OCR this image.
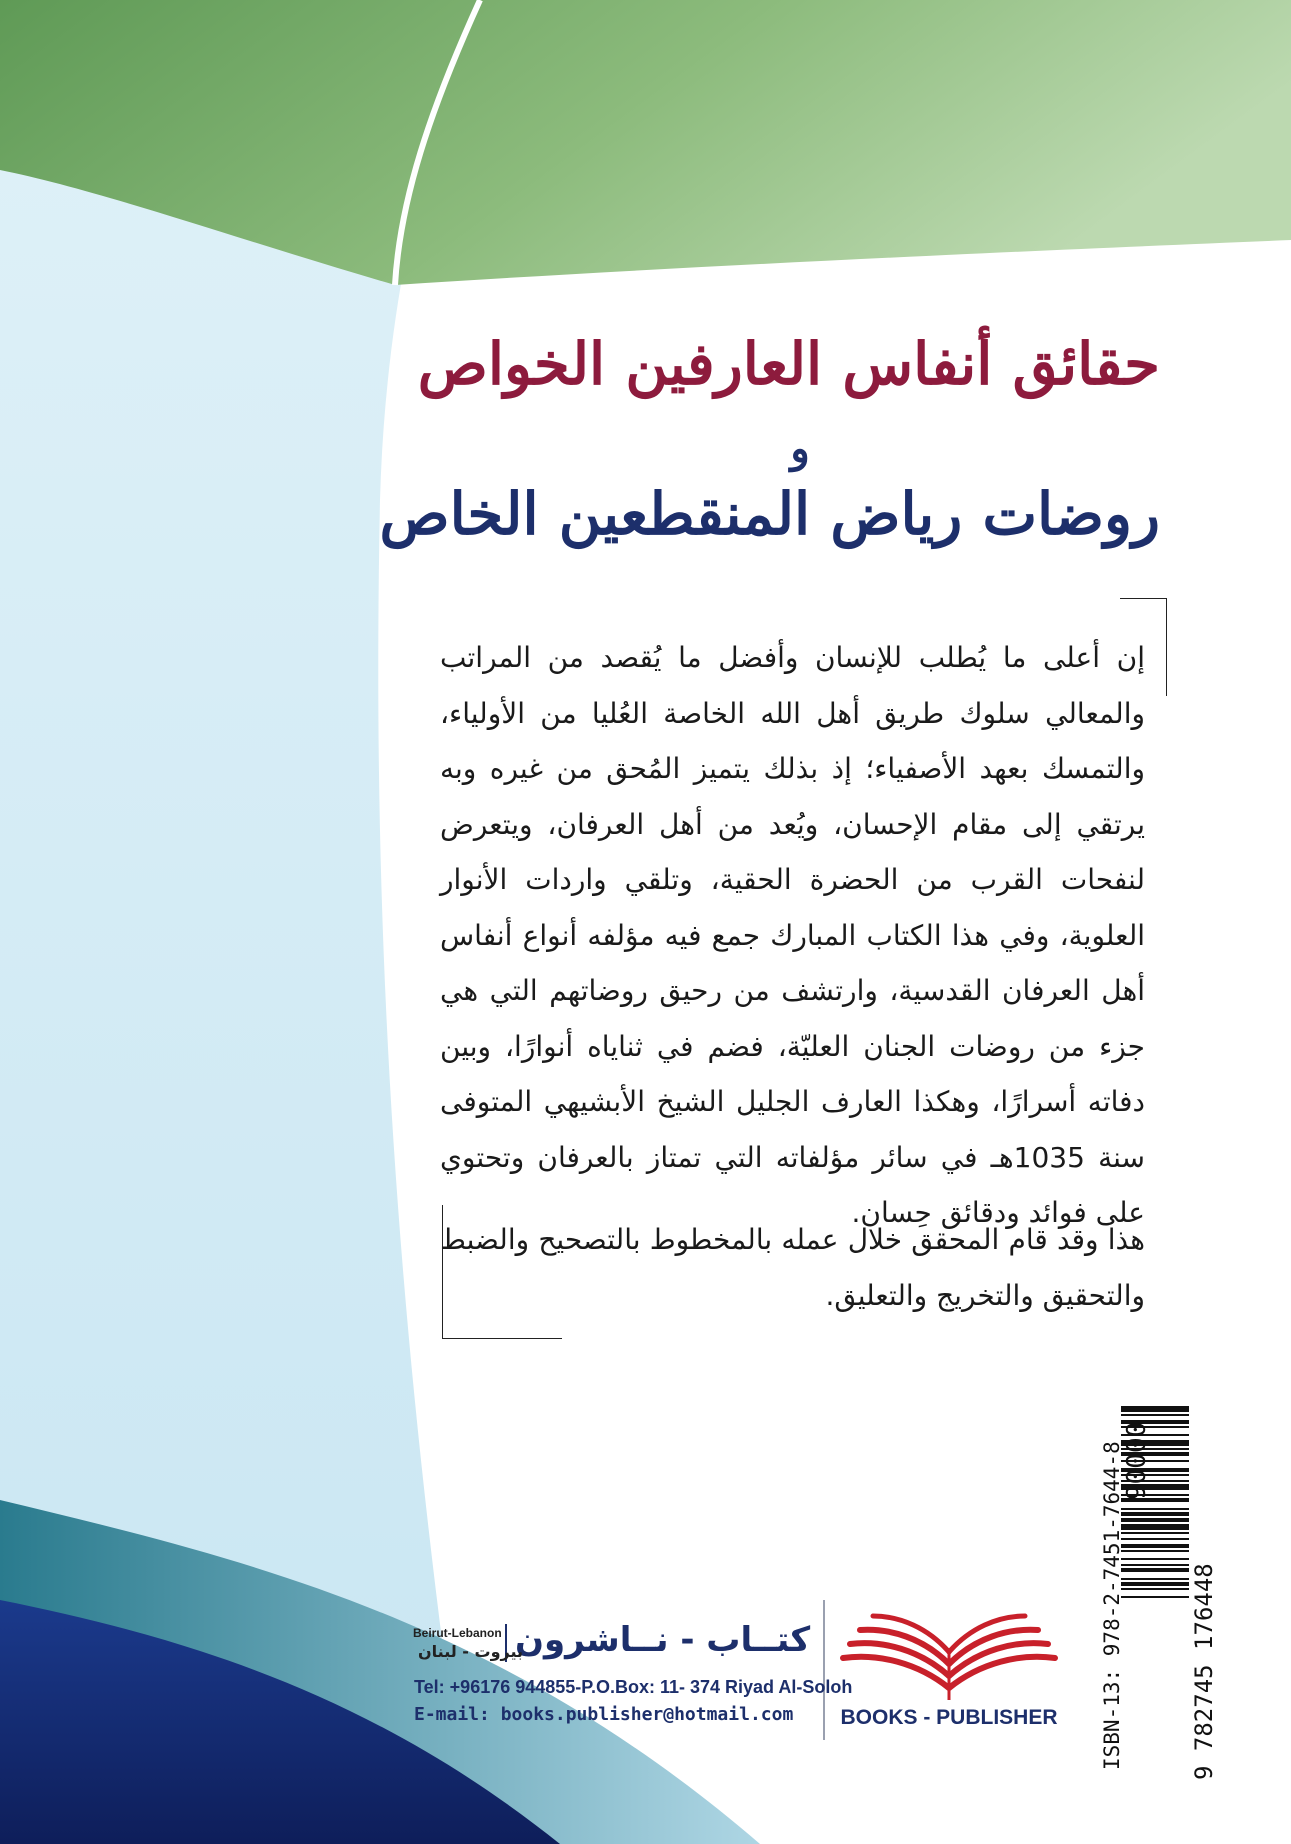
حقائق أنفاس العارفين الخواص
و
روضات رياض المنقطعين الخاص

إن أعلى ما يُطلب للإنسان وأفضل ما يُقصد من المراتب والمعالي سلوك طريق أهل الله الخاصة العُليا من الأولياء، والتمسك بعهد الأصفياء؛ إذ بذلك يتميز المُحق من غيره وبه يرتقي إلى مقام الإحسان، ويُعد من أهل العرفان، ويتعرض لنفحات القرب من الحضرة الحقية، وتلقي واردات الأنوار العلوية، وفي هذا الكتاب المبارك جمع فيه مؤلفه أنواع أنفاس أهل العرفان القدسية، وارتشف من رحيق روضاتهم التي هي جزء من روضات الجنان العليّة، فضم في ثناياه أنوارًا، وبين دفاته أسرارًا، وهكذا العارف الجليل الشيخ الأبشيهي المتوفى سنة 1035هـ في سائر مؤلفاته التي تمتاز بالعرفان وتحتوي على فوائد ودقائق حِسان.

هذا وقد قام المحقق خلال عمله بالمخطوط بالتصحيح والضبط والتحقيق والتخريج والتعليق.

ISBN-13: 978-2-7451-7644-8
90000
9 782745 176448
BOOKS - PUBLISHER
كتــاب - نــاشرون
Beirut-Lebanon
بيروت - لبنان
Tel: +96176 944855-P.O.Box: 11- 374 Riyad Al-Soloh
E-mail: books.publisher@hotmail.com
